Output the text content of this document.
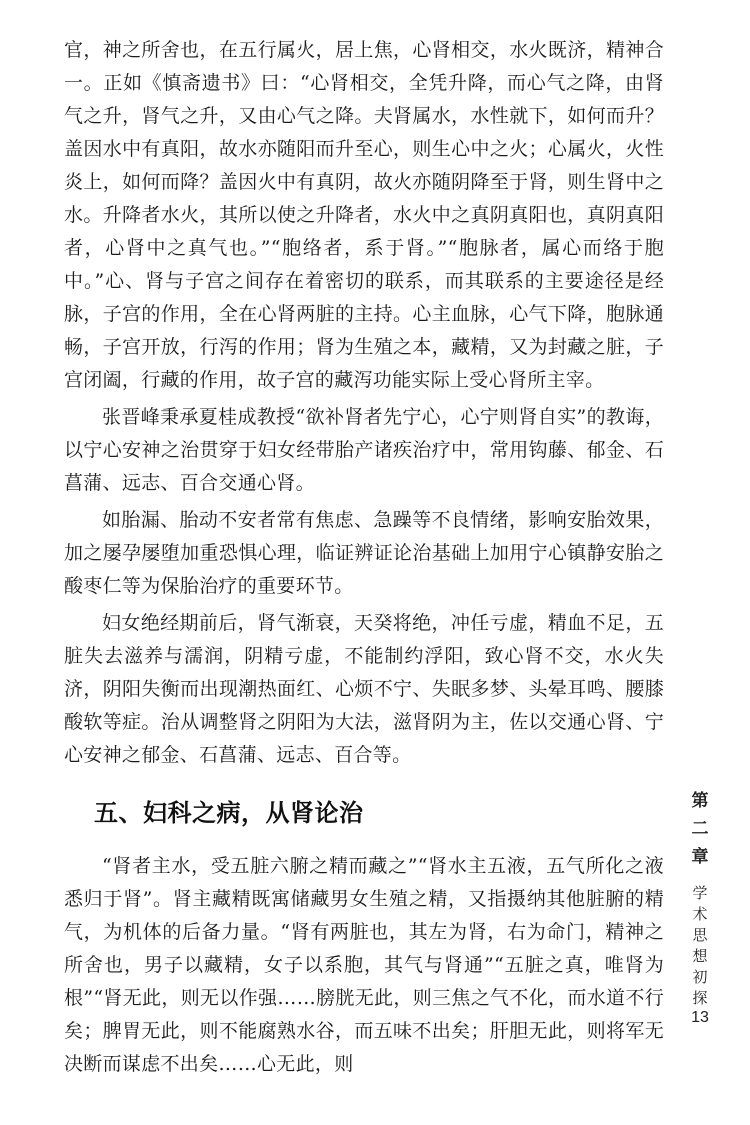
官，神之所舍也，在五行属火，居上焦，心肾相交，水火既济，精神合一。正如《慎斋遗书》曰：“心肾相交，全凭升降，而心气之降，由肾气之升，肾气之升，又由心气之降。夫肾属水，水性就下，如何而升？盖因水中有真阳，故水亦随阳而升至心，则生心中之火；心属火，火性炎上，如何而降？盖因火中有真阴，故火亦随阴降至于肾，则生肾中之水。升降者水火，其所以使之升降者，水火中之真阴真阳也，真阴真阳者，心肾中之真气也。”“胞络者，系于肾。”“胞脉者，属心而络于胞中。”心、肾与子宫之间存在着密切的联系，而其联系的主要途径是经脉，子宫的作用，全在心肾两脏的主持。心主血脉，心气下降，胞脉通畅，子宫开放，行泻的作用；肾为生殖之本，藏精，又为封藏之脏，子宫闭阖，行藏的作用，故子宫的藏泻功能实际上受心肾所主宰。

张晋峰秉承夏桂成教授“欲补肾者先宁心，心宁则肾自实”的教诲，以宁心安神之治贯穿于妇女经带胎产诸疾治疗中，常用钩藤、郁金、石菖蒲、远志、百合交通心肾。

如胎漏、胎动不安者常有焦虑、急躁等不良情绪，影响安胎效果，加之屡孕屡堕加重恐惧心理，临证辨证论治基础上加用宁心镇静安胎之酸枣仁等为保胎治疗的重要环节。

妇女绝经期前后，肾气渐衰，天癸将绝，冲任亏虚，精血不足，五脏失去滋养与濡润，阴精亏虚，不能制约浮阳，致心肾不交，水火失济，阴阳失衡而出现潮热面红、心烦不宁、失眠多梦、头晕耳鸣、腰膝酸软等症。治从调整肾之阴阳为大法，滋肾阴为主，佐以交通心肾、宁心安神之郁金、石菖蒲、远志、百合等。

五、妇科之病，从肾论治

“肾者主水，受五脏六腑之精而藏之”“肾水主五液，五气所化之液悉归于肾”。肾主藏精既寓储藏男女生殖之精，又指摄纳其他脏腑的精气，为机体的后备力量。“肾有两脏也，其左为肾，右为命门，精神之所舍也，男子以藏精，女子以系胞，其气与肾通”“五脏之真，唯肾为根”“肾无此，则无以作强……膀胱无此，则三焦之气不化，而水道不行矣；脾胃无此，则不能腐熟水谷，而五味不出矣；肝胆无此，则将军无决断而谋虑不出矣……心无此，则

第二章
学术思想初探
13
